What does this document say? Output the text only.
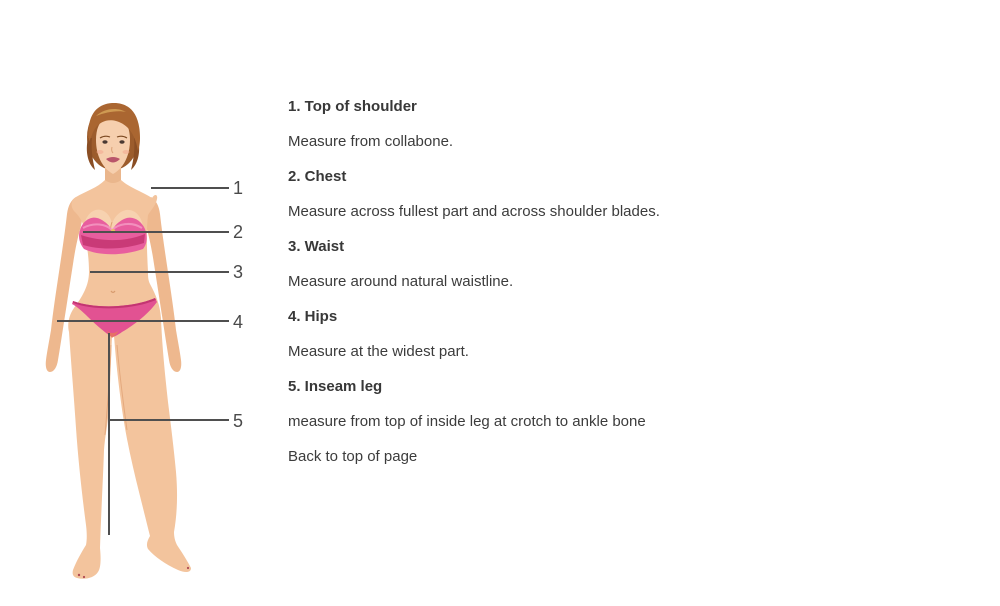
1
2
3
4
5
1. Top of shoulder
Measure from collabone.
2. Chest
Measure across fullest part and across shoulder blades.
3. Waist
Measure around natural waistline.
4. Hips
Measure at the widest part.
5. Inseam leg
measure from top of inside leg at crotch to ankle bone
Back to top of page
